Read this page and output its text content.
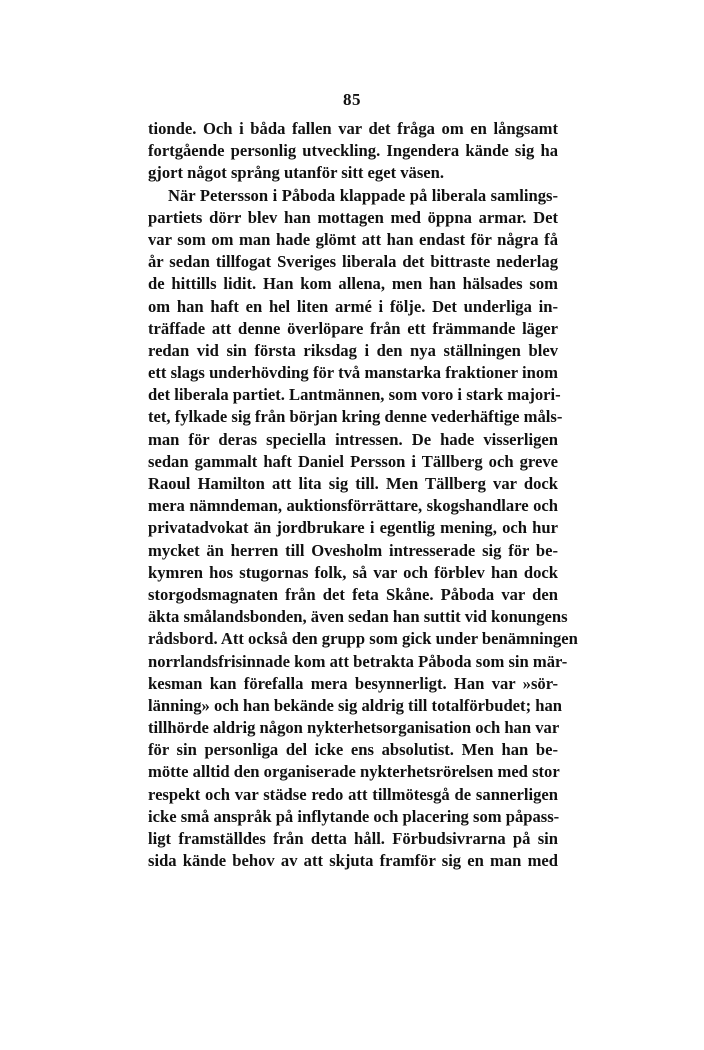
85
tionde. Och i båda fallen var det fråga om en långsamt
fortgående personlig utveckling. Ingendera kände sig ha
gjort något språng utanför sitt eget väsen.
När Petersson i Påboda klappade på liberala samlings-
partiets dörr blev han mottagen med öppna armar. Det
var som om man hade glömt att han endast för några få
år sedan tillfogat Sveriges liberala det bittraste nederlag
de hittills lidit. Han kom allena, men han hälsades som
om han haft en hel liten armé i följe. Det underliga in-
träffade att denne överlöpare från ett främmande läger
redan vid sin första riksdag i den nya ställningen blev
ett slags underhövding för två manstarka fraktioner inom
det liberala partiet. Lantmännen, som voro i stark majori-
tet, fylkade sig från början kring denne vederhäftige måls-
man för deras speciella intressen. De hade visserligen
sedan gammalt haft Daniel Persson i Tällberg och greve
Raoul Hamilton att lita sig till. Men Tällberg var dock
mera nämndeman, auktionsförrättare, skogshandlare och
privatadvokat än jordbrukare i egentlig mening, och hur
mycket än herren till Ovesholm intresserade sig för be-
kymren hos stugornas folk, så var och förblev han dock
storgodsmagnaten från det feta Skåne. Påboda var den
äkta smålandsbonden, även sedan han suttit vid konungens
rådsbord. Att också den grupp som gick under benämningen
norrlandsfrisinnade kom att betrakta Påboda som sin mär-
kesman kan förefalla mera besynnerligt. Han var »sör-
länning» och han bekände sig aldrig till totalförbudet; han
tillhörde aldrig någon nykterhetsorganisation och han var
för sin personliga del icke ens absolutist. Men han be-
mötte alltid den organiserade nykterhetsrörelsen med stor
respekt och var städse redo att tillmötesgå de sannerligen
icke små anspråk på inflytande och placering som påpass-
ligt framställdes från detta håll. Förbudsivrarna på sin
sida kände behov av att skjuta framför sig en man med
